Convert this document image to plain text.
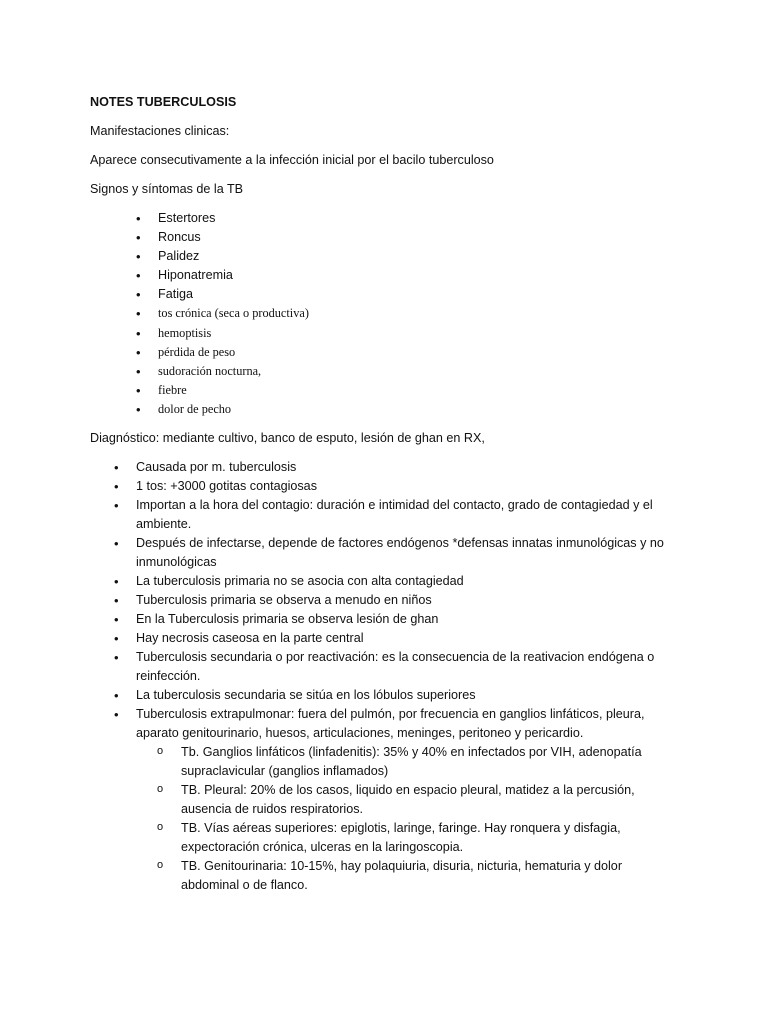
NOTES TUBERCULOSIS
Manifestaciones clinicas:
Aparece consecutivamente a la infección inicial por el bacilo tuberculoso
Signos y síntomas de la TB
• Estertores
• Roncus
• Palidez
• Hiponatremia
• Fatiga
• tos crónica (seca o productiva)
• hemoptisis
• pérdida de peso
• sudoración nocturna,
• fiebre
• dolor de pecho
Diagnóstico: mediante cultivo, banco de esputo, lesión de ghan en RX,
• Causada por m. tuberculosis
• 1 tos: +3000 gotitas contagiosas
• Importan a la hora del contagio: duración e intimidad del contacto, grado de contagiedad y el ambiente.
• Después de infectarse, depende de factores endógenos *defensas innatas inmunológicas y no inmunológicas
• La tuberculosis primaria no se asocia con alta contagiedad
• Tuberculosis primaria se observa a menudo en niños
• En la Tuberculosis primaria se observa lesión de ghan
• Hay necrosis caseosa en la parte central
• Tuberculosis secundaria o por reactivación: es la consecuencia de la reativacion endógena o reinfección.
• La tuberculosis secundaria se sitúa en los lóbulos superiores
• Tuberculosis extrapulmonar: fuera del pulmón, por frecuencia en ganglios linfáticos, pleura, aparato genitourinario, huesos, articulaciones, meninges, peritoneo y pericardio.
o Tb. Ganglios linfáticos (linfadenitis): 35% y 40% en infectados por VIH, adenopatía supraclavicular (ganglios inflamados)
o TB. Pleural: 20% de los casos, liquido en espacio pleural, matidez a la percusión, ausencia de ruidos respiratorios.
o TB. Vías aéreas superiores: epiglotis, laringe, faringe. Hay ronquera y disfagia, expectoración crónica, ulceras en la laringoscopia.
o TB. Genitourinaria: 10-15%, hay polaquiuria, disuria, nicturia, hematuria y dolor abdominal o de flanco.
